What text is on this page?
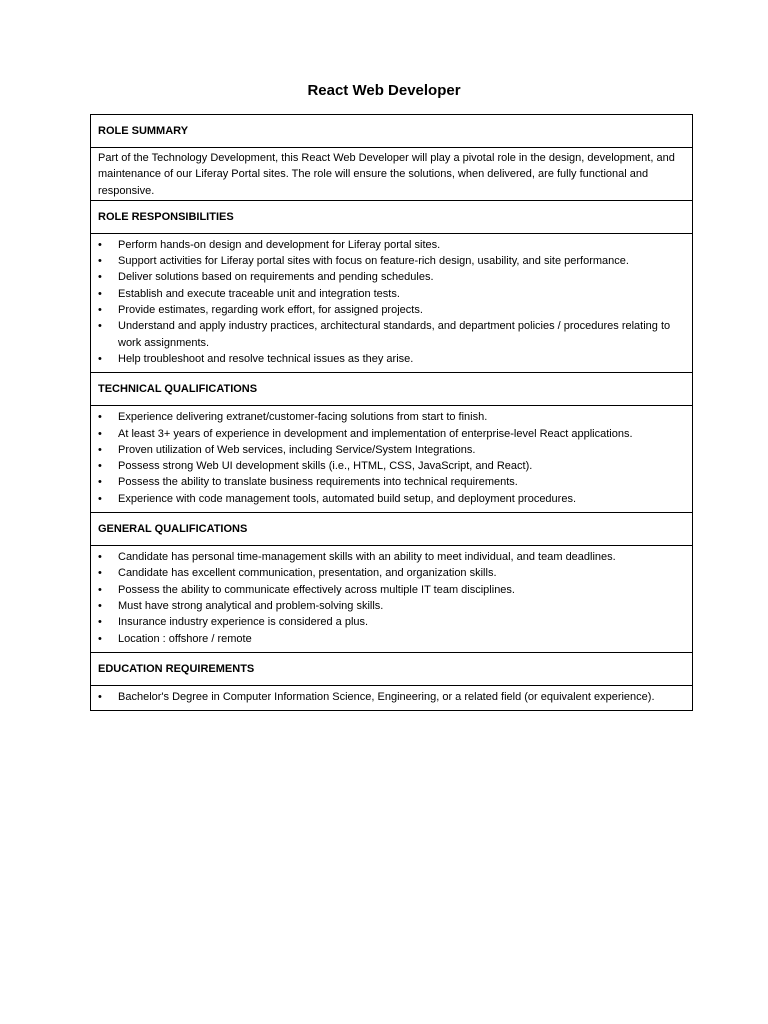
React Web Developer
ROLE SUMMARY
Part of the Technology Development, this React Web Developer will play a pivotal role in the design, development, and maintenance of our Liferay Portal sites. The role will ensure the solutions, when delivered, are fully functional and responsive.
ROLE RESPONSIBILITIES

• Perform hands-on design and development for Liferay portal sites.
• Support activities for Liferay portal sites with focus on feature-rich design, usability, and site performance.
• Deliver solutions based on requirements and pending schedules.
• Establish and execute traceable unit and integration tests.
• Provide estimates, regarding work effort, for assigned projects.
• Understand and apply industry practices, architectural standards, and department policies / procedures relating to work assignments.
• Help troubleshoot and resolve technical issues as they arise.

TECHNICAL QUALIFICATIONS

• Experience delivering extranet/customer-facing solutions from start to finish.
• At least 3+ years of experience in development and implementation of enterprise-level React applications.
• Proven utilization of Web services, including Service/System Integrations.
• Possess strong Web UI development skills (i.e., HTML, CSS, JavaScript, and React).
• Possess the ability to translate business requirements into technical requirements.
• Experience with code management tools, automated build setup, and deployment procedures.

GENERAL QUALIFICATIONS

• Candidate has personal time-management skills with an ability to meet individual, and team deadlines.
• Candidate has excellent communication, presentation, and organization skills.
• Possess the ability to communicate effectively across multiple IT team disciplines.
• Must have strong analytical and problem-solving skills.
• Insurance industry experience is considered a plus.
• Location : offshore / remote

EDUCATION REQUIREMENTS

• Bachelor's Degree in Computer Information Science, Engineering, or a related field (or equivalent experience).
